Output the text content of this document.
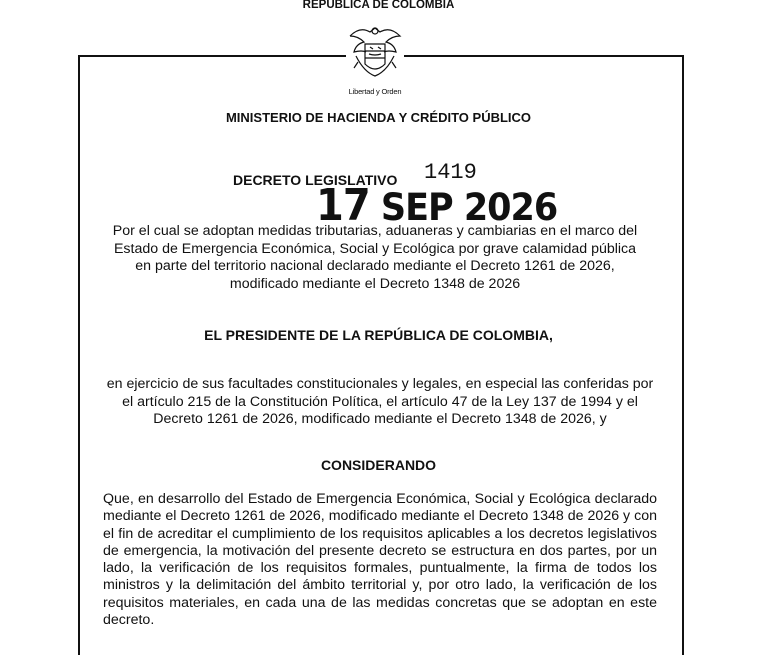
REPÚBLICA DE COLOMBIA
Libertad y Orden
MINISTERIO DE HACIENDA Y CRÉDITO PÚBLICO
DECRETO LEGISLATIVO 1419
17 SEP 2026
Por el cual se adoptan medidas tributarias, aduaneras y cambiarias en el marco del Estado de Emergencia Económica, Social y Ecológica por grave calamidad pública en parte del territorio nacional declarado mediante el Decreto 1261 de 2026, modificado mediante el Decreto 1348 de 2026
EL PRESIDENTE DE LA REPÚBLICA DE COLOMBIA,
en ejercicio de sus facultades constitucionales y legales, en especial las conferidas por el artículo 215 de la Constitución Política, el artículo 47 de la Ley 137 de 1994 y el Decreto 1261 de 2026, modificado mediante el Decreto 1348 de 2026, y
CONSIDERANDO
Que, en desarrollo del Estado de Emergencia Económica, Social y Ecológica declarado mediante el Decreto 1261 de 2026, modificado mediante el Decreto 1348 de 2026 y con el fin de acreditar el cumplimiento de los requisitos aplicables a los decretos legislativos de emergencia, la motivación del presente decreto se estructura en dos partes, por un lado, la verificación de los requisitos formales, puntualmente, la firma de todos los ministros y la delimitación del ámbito territorial y, por otro lado, la verificación de los requisitos materiales, en cada una de las medidas concretas que se adoptan en este decreto.
